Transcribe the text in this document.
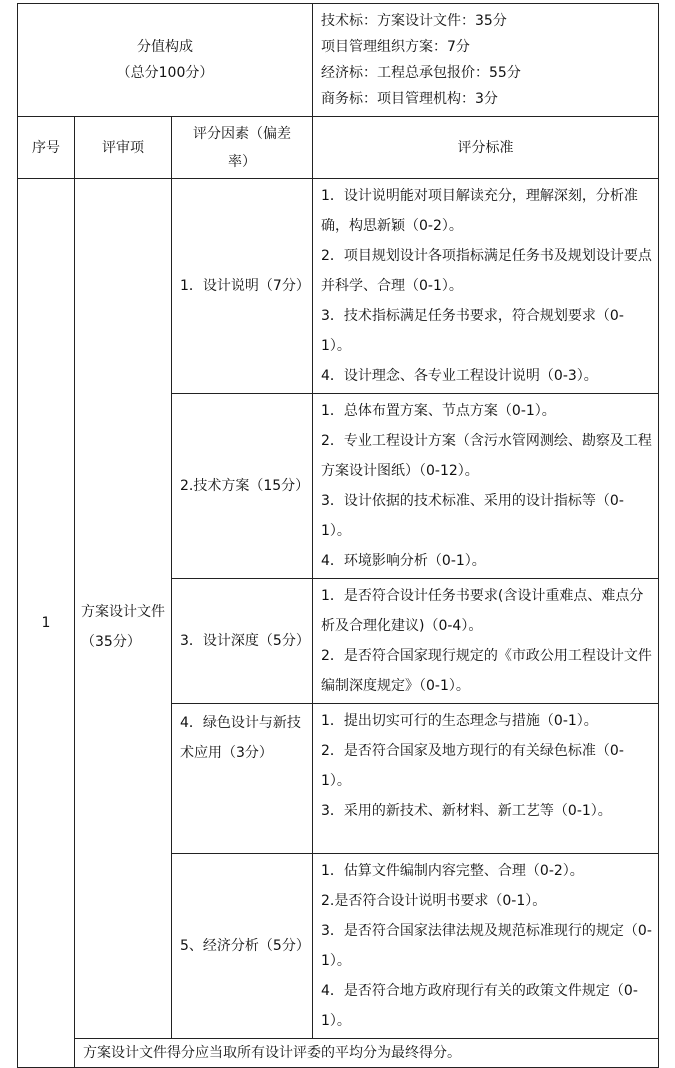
分值构成
（总分100分）			技术标：方案设计文件：35分
项目管理组织方案：7分
经济标：工程总承包报价：55分
商务标：项目管理机构：3分

序号	评审项	评分因素（偏差率）	评分标准
1	方案设计文件（35分）	1．设计说明（7分）	1．设计说明能对项目解读充分，理解深刻，分析准确，构思新颖（0-2）。
2．项目规划设计各项指标满足任务书及规划设计要点并科学、合理（0-1）。
3．技术指标满足任务书要求，符合规划要求（0-1）。
4．设计理念、各专业工程设计说明（0-3）。

		2.技术方案（15分）	1．总体布置方案、节点方案（0-1）。
2．专业工程设计方案（含污水管网测绘、勘察及工程方案设计图纸）（0-12）。
3．设计依据的技术标准、采用的设计指标等（0-1）。
4．环境影响分析（0-1）。

		3．设计深度（5分）	1．是否符合设计任务书要求(含设计重难点、难点分析及合理化建议)（0-4）。
2．是否符合国家现行规定的《市政公用工程设计文件编制深度规定》（0-1）。

		4．绿色设计与新技术应用（3分）	1．提出切实可行的生态理念与措施（0-1）。
2．是否符合国家及地方现行的有关绿色标准（0-1）。
3．采用的新技术、新材料、新工艺等（0-1）。

		5、经济分析（5分）	1．估算文件编制内容完整、合理（0-2）。
2.是否符合设计说明书要求（0-1）。
3．是否符合国家法律法规及规范标准现行的规定（0-1）。
4．是否符合地方政府现行有关的政策文件规定（0-1）。

	方案设计文件得分应当取所有设计评委的平均分为最终得分。		
